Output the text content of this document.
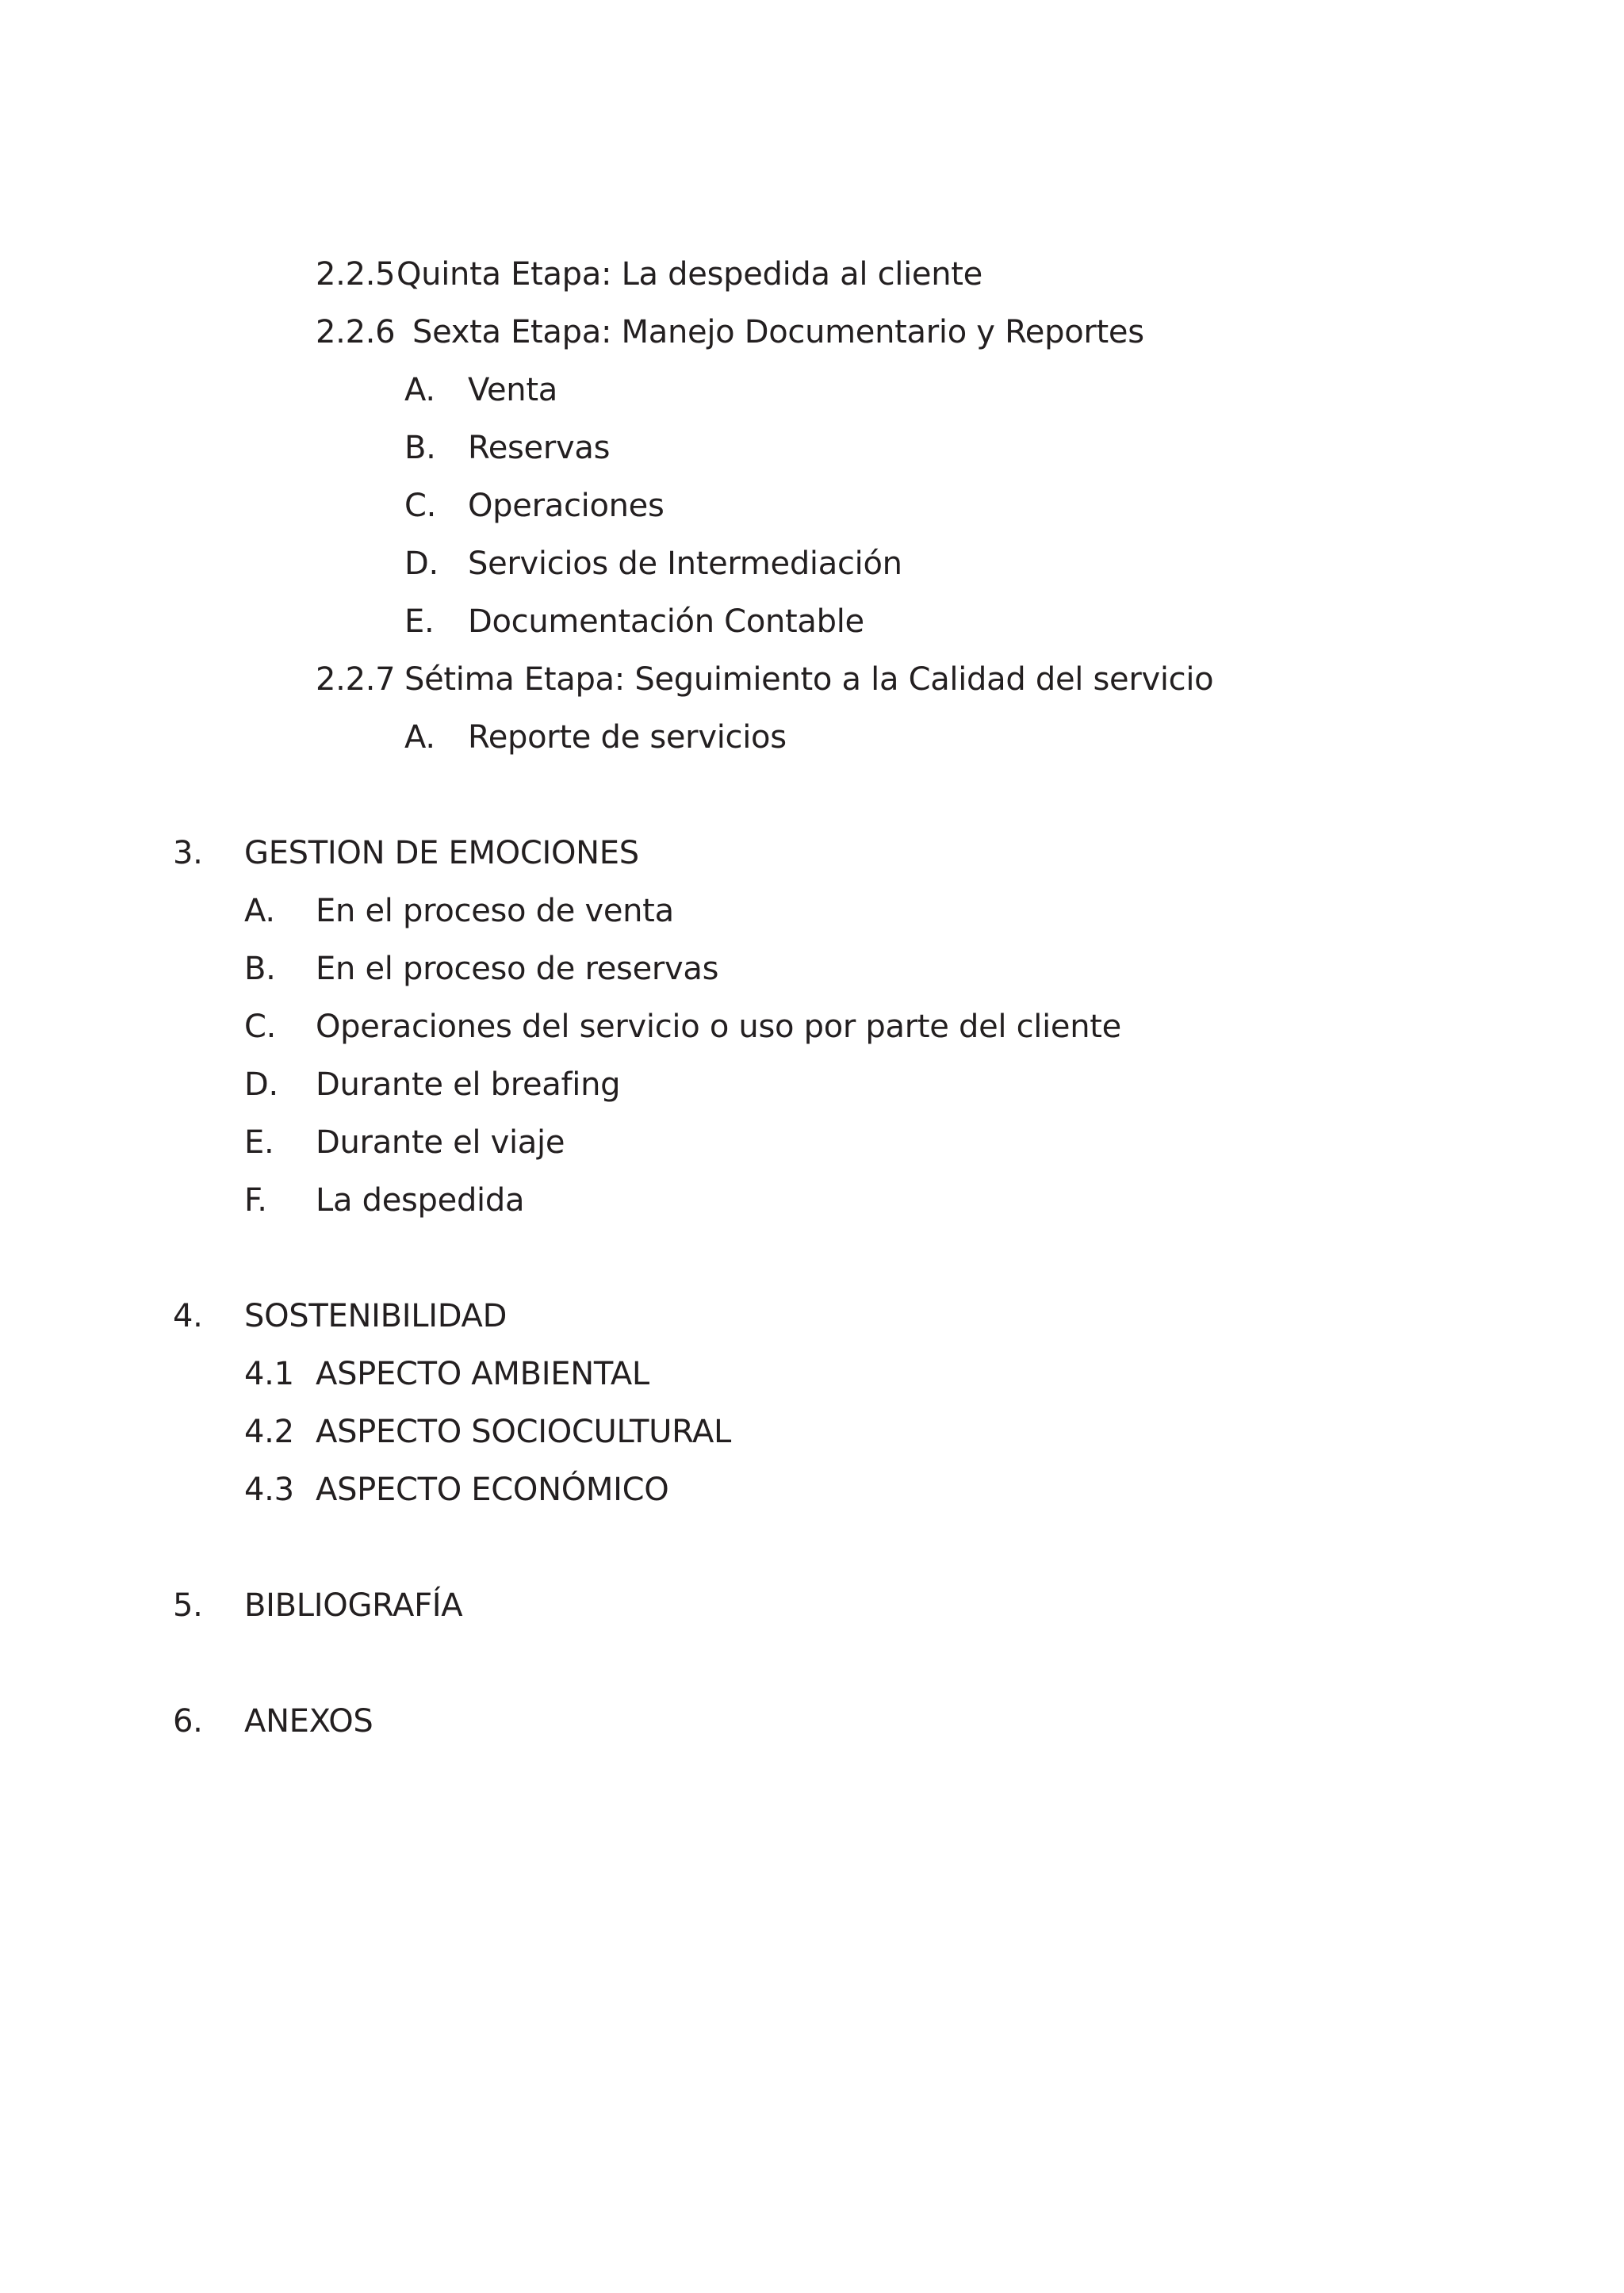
2.2.5 Quinta Etapa: La despedida al cliente
2.2.6 Sexta Etapa: Manejo Documentario y Reportes
A. Venta
B. Reservas
C. Operaciones
D. Servicios de Intermediación
E. Documentación Contable
2.2.7 Sétima Etapa: Seguimiento a la Calidad del servicio
A. Reporte de servicios
3. GESTION DE EMOCIONES
A. En el proceso de venta
B. En el proceso de reservas
C. Operaciones del servicio o uso por parte del cliente
D. Durante el breafing
E. Durante el viaje
F. La despedida
4. SOSTENIBILIDAD
4.1 ASPECTO AMBIENTAL
4.2 ASPECTO SOCIOCULTURAL
4.3 ASPECTO ECONÓMICO
5. BIBLIOGRAFÍA
6. ANEXOS
